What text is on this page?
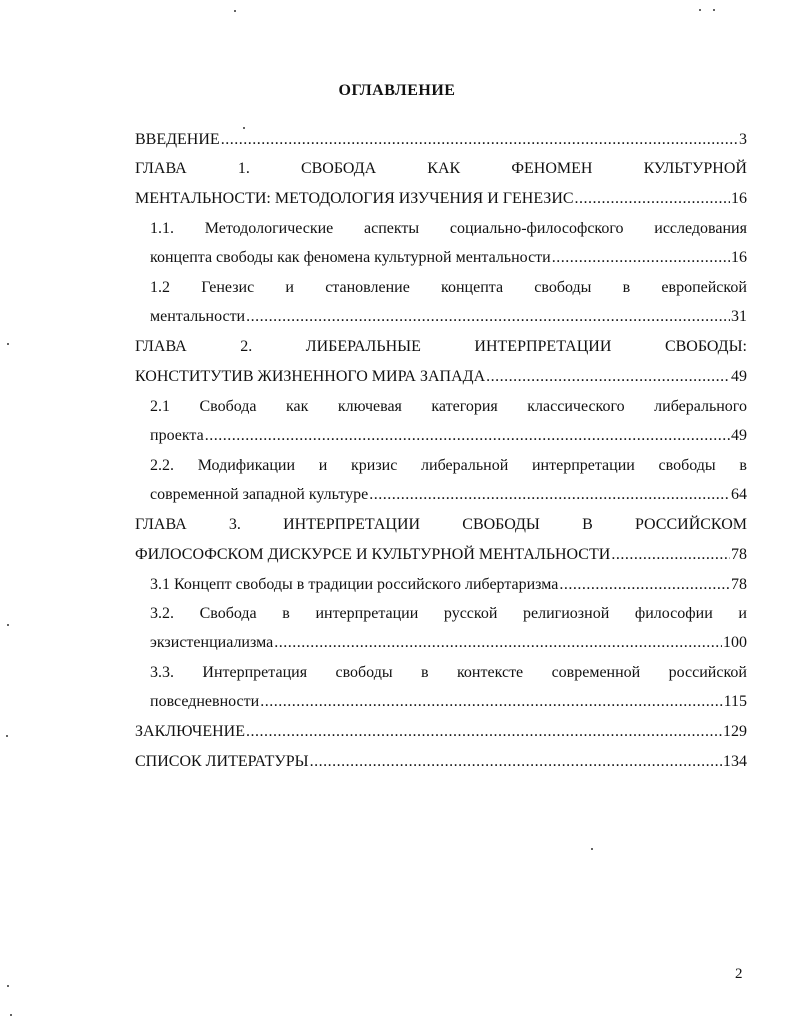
ОГЛАВЛЕНИЕ
ВВЕДЕНИЕ .....	3
ГЛАВА	1.	СВОБОДА	КАК	ФЕНОМЕН	КУЛЬТУРНОЙ
МЕНТАЛЬНОСТИ: МЕТОДОЛОГИЯ ИЗУЧЕНИЯ И ГЕНЕЗИС .....	16
1.1. Методологические аспекты социально-философского исследования
концепта свободы как феномена культурной ментальности .....	16
1.2 Генезис и становление концепта свободы в европейской
ментальности .....	31
ГЛАВА	2.	ЛИБЕРАЛЬНЫЕ	ИНТЕРПРЕТАЦИИ	СВОБОДЫ:
КОНСТИТУТИВ ЖИЗНЕННОГО МИРА ЗАПАДА .....	49
2.1 Свобода как ключевая категория классического либерального
проекта .....	49
2.2. Модификации и кризис либеральной интерпретации свободы в
современной западной культуре .....	64
ГЛАВА	3.	ИНТЕРПРЕТАЦИИ	СВОБОДЫ	В	РОССИЙСКОМ
ФИЛОСОФСКОМ ДИСКУРСЕ И КУЛЬТУРНОЙ МЕНТАЛЬНОСТИ .....	78
3.1 Концепт свободы в традиции российского либертаризма .....	78
3.2. Свобода в интерпретации русской религиозной философии и
экзистенциализма .....	100
3.3. Интерпретация свободы в контексте современной российской
повседневности .....	115
ЗАКЛЮЧЕНИЕ .....	129
СПИСОК ЛИТЕРАТУРЫ .....	134
2
